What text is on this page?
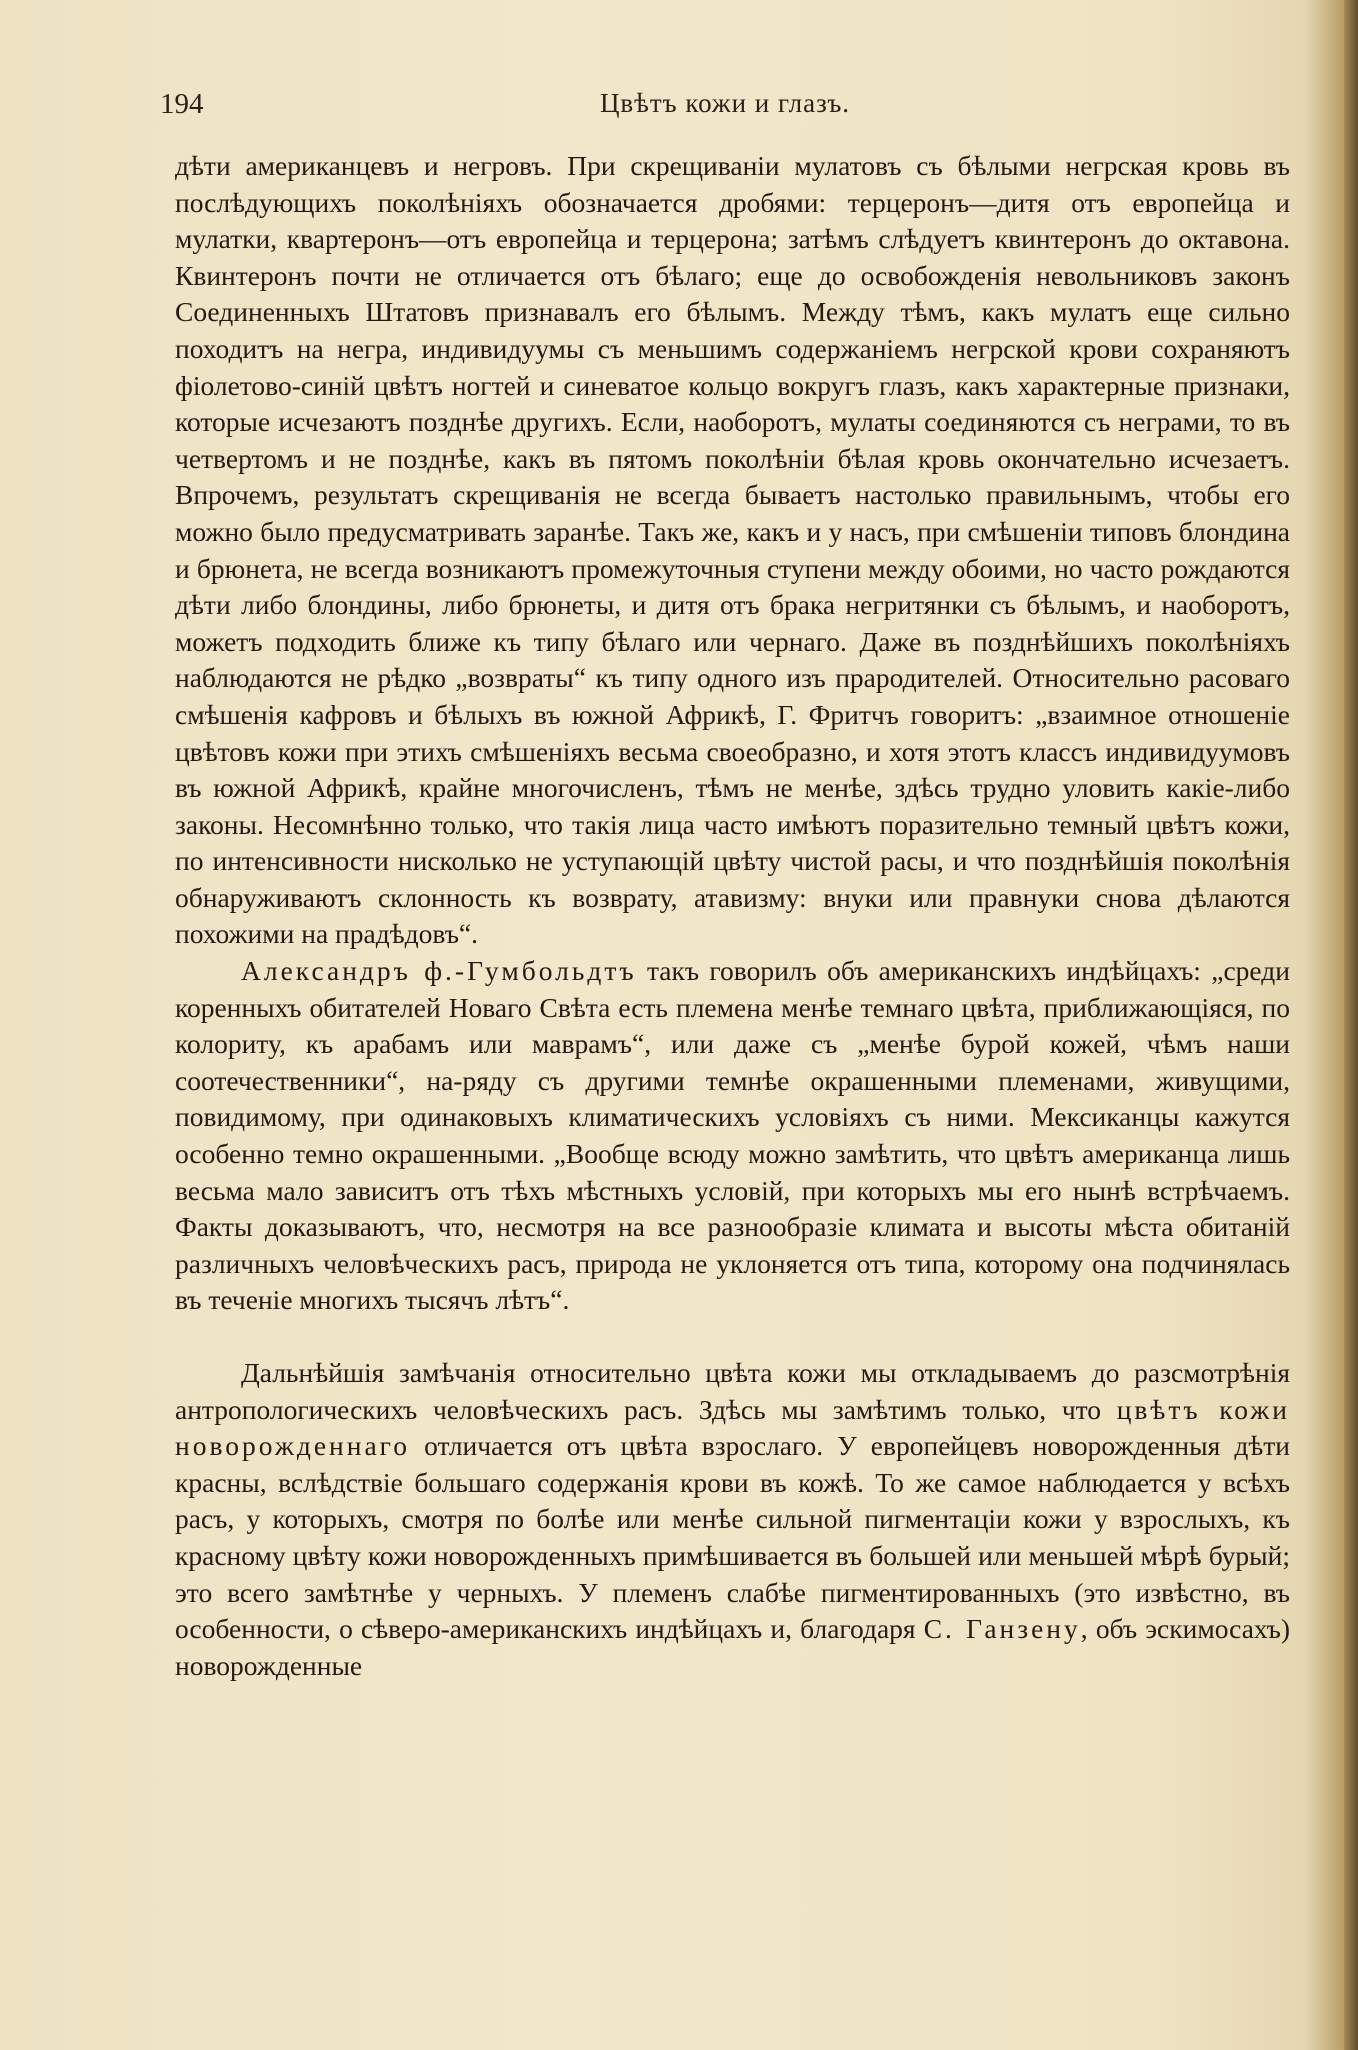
194	Цвѣтъ кожи и глазъ.

дѣти американцевъ и негровъ. При скрещиваніи мулатовъ съ бѣлыми негрская кровь въ послѣдующихъ поколѣніяхъ обозначается дробями: терцеронъ—дитя отъ европейца и мулатки, квартеронъ—отъ европейца и терцерона; затѣмъ слѣдуетъ квинтеронъ до октавона. Квинтеронъ почти не отличается отъ бѣлаго; еще до освобожденія невольниковъ законъ Соединенныхъ Штатовъ признавалъ его бѣлымъ. Между тѣмъ, какъ мулатъ еще сильно походитъ на негра, индивидуумы съ меньшимъ содержаніемъ негрской крови сохраняютъ фіолетово-синій цвѣтъ ногтей и синеватое кольцо вокругъ глазъ, какъ характерные признаки, которые исчезаютъ позднѣе другихъ. Если, наоборотъ, мулаты соединяются съ неграми, то въ четвертомъ и не позднѣе, какъ въ пятомъ поколѣніи бѣлая кровь окончательно исчезаетъ. Впрочемъ, результатъ скрещиванія не всегда бываетъ настолько правильнымъ, чтобы его можно было предусматривать заранѣе. Такъ же, какъ и у насъ, при смѣшеніи типовъ блондина и брюнета, не всегда возникаютъ промежуточныя ступени между обоими, но часто рождаются дѣти либо блондины, либо брюнеты, и дитя отъ брака негритянки съ бѣлымъ, и наоборотъ, можетъ подходить ближе къ типу бѣлаго или чернаго. Даже въ позднѣйшихъ поколѣніяхъ наблюдаются не рѣдко „возвраты“ къ типу одного изъ прародителей. Относительно расоваго смѣшенія кафровъ и бѣлыхъ въ южной Африкѣ, Г. Фритчъ говоритъ: „взаимное отношеніе цвѣтовъ кожи при этихъ смѣшеніяхъ весьма своеобразно, и хотя этотъ классъ индивидуумовъ въ южной Африкѣ, крайне многочисленъ, тѣмъ не менѣе, здѣсь трудно уловить какіе-либо законы. Несомнѣнно только, что такія лица часто имѣютъ поразительно темный цвѣтъ кожи, по интенсивности нисколько не уступающій цвѣту чистой расы, и что позднѣйшія поколѣнія обнаруживаютъ склонность къ возврату, атавизму: внуки или правнуки снова дѣлаются похожими на прадѣдовъ“.

Александръ ф.-Гумбольдтъ такъ говорилъ объ американскихъ индѣйцахъ: „среди коренныхъ обитателей Новаго Свѣта есть племена менѣе темнаго цвѣта, приближающіяся, по колориту, къ арабамъ или маврамъ“, или даже съ „менѣе бурой кожей, чѣмъ наши соотечественники“, на-ряду съ другими темнѣе окрашенными племенами, живущими, повидимому, при одинаковыхъ климатическихъ условіяхъ съ ними. Мексиканцы кажутся особенно темно окрашенными. „Вообще всюду можно замѣтить, что цвѣтъ американца лишь весьма мало зависитъ отъ тѣхъ мѣстныхъ условій, при которыхъ мы его нынѣ встрѣчаемъ. Факты доказываютъ, что, несмотря на все разнообразіе климата и высоты мѣста обитаній различныхъ человѣческихъ расъ, природа не уклоняется отъ типа, которому она подчинялась въ теченіе многихъ тысячъ лѣтъ“.

Дальнѣйшія замѣчанія относительно цвѣта кожи мы откладываемъ до разсмотрѣнія антропологическихъ человѣческихъ расъ. Здѣсь мы замѣтимъ только, что цвѣтъ кожи новорожденнаго отличается отъ цвѣта взрослаго. У европейцевъ новорожденныя дѣти красны, вслѣдствіе большаго содержанія крови въ кожѣ. То же самое наблюдается у всѣхъ расъ, у которыхъ, смотря по болѣе или менѣе сильной пигментаціи кожи у взрослыхъ, къ красному цвѣту кожи новорожденныхъ примѣшивается въ большей или меньшей мѣрѣ бурый; это всего замѣтнѣе у черныхъ. У племенъ слабѣе пигментированныхъ (это извѣстно, въ особенности, о сѣверо-американскихъ индѣйцахъ и, благодаря С. Ганзену, объ эскимосахъ) новорожденные
